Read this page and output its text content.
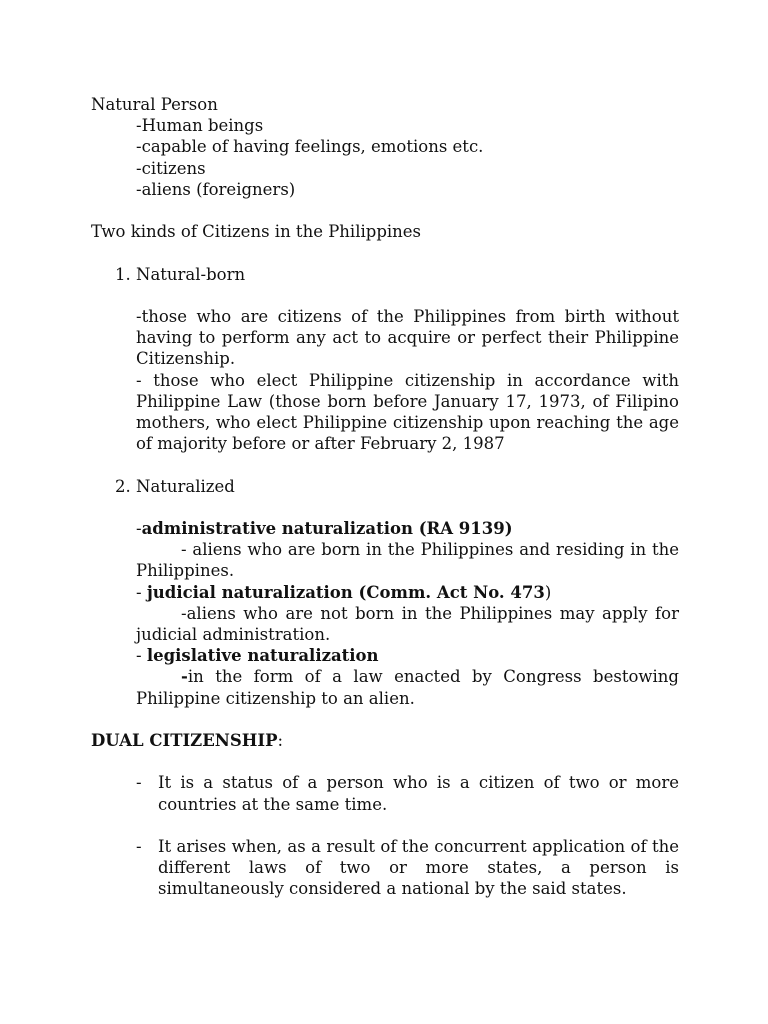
Natural Person

-Human beings

-capable of having feelings, emotions etc.

-citizens

-aliens (foreigners)

Two kinds of Citizens in the Philippines

1. Natural-born

-those who are citizens of the Philippines from birth without having to perform any act to acquire or perfect their Philippine Citizenship.

- those who elect Philippine citizenship in accordance with Philippine Law (those born before January 17, 1973, of Filipino mothers, who elect Philippine citizenship upon reaching the age of majority before or after February 2, 1987

2. Naturalized

-administrative naturalization (RA 9139)

- aliens who are born in the Philippines and residing in the Philippines.

- judicial naturalization (Comm. Act No. 473)

-aliens who are not born in the Philippines may apply for judicial administration.

- legislative naturalization

-in the form of a law enacted by Congress bestowing Philippine citizenship to an alien.

DUAL CITIZENSHIP:

- It is a status of a person who is a citizen of two or more countries at the same time.
- It arises when, as a result of the concurrent application of the different laws of two or more states, a person is simultaneously considered a national by the said states.
